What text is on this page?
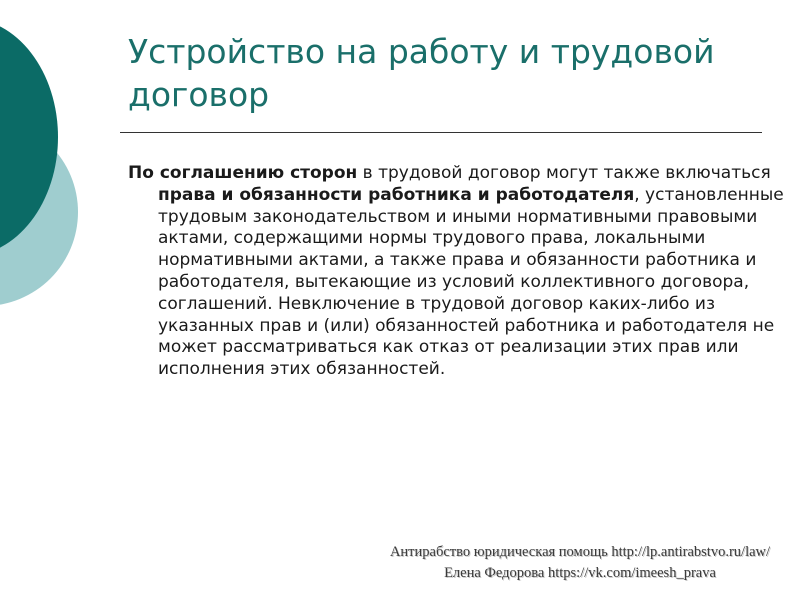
Устройство на работу и трудовой договор

По соглашению сторон в трудовой договор могут также включаться права и обязанности работника и работодателя, установленные трудовым законодательством и иными нормативными правовыми актами, содержащими нормы трудового права, локальными нормативными актами, а также права и обязанности работника и работодателя, вытекающие из условий коллективного договора, соглашений. Невключение в трудовой договор каких-либо из указанных прав и (или) обязанностей работника и работодателя не может рассматриваться как отказ от реализации этих прав или исполнения этих обязанностей.

Антирабство юридическая помощь http://lp.antirabstvo.ru/law/
Елена Федорова https://vk.com/imeesh_prava
